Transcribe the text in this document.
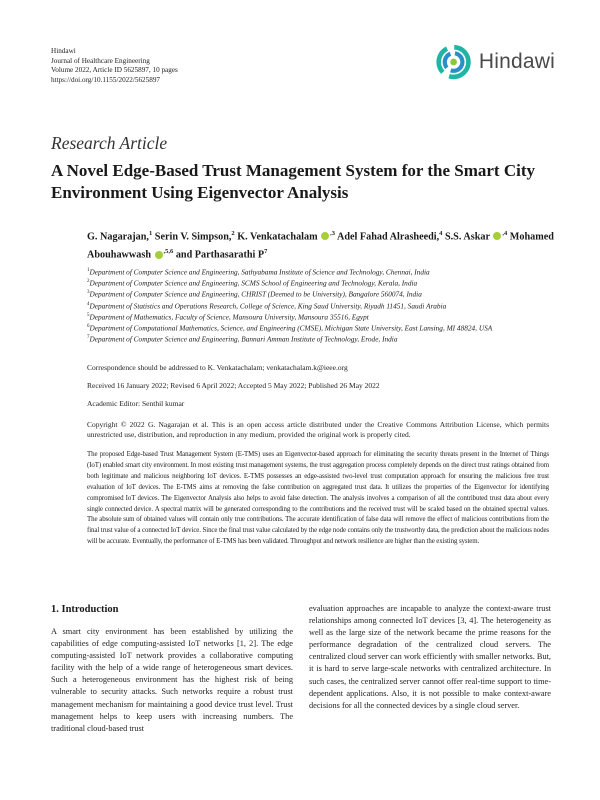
Hindawi
Journal of Healthcare Engineering
Volume 2022, Article ID 5625897, 10 pages
https://doi.org/10.1155/2022/5625897
Hindawi
Research Article
A Novel Edge-Based Trust Management System for the Smart City Environment Using Eigenvector Analysis
G. Nagarajan,$^1$ Serin V. Simpson,$^2$ K. Venkatachalam $^{,3}$ Adel Fahad Alrasheedi,$^4$ S.S. Askar $^{,4}$ Mohamed Abouhawwash $^{,5,6}$ and Parthasarathi $P^7$
$^1$Department of Computer Science and Engineering, Sathyabama Institute of Science and Technology, Chennai, India
$^2$Department of Computer Science and Engineering, SCMS School of Engineering and Technology, Kerala, India
$^3$Department of Computer Science and Engineering, CHRIST (Deemed to be University), Bangalore 560074, India
$^4$Department of Statistics and Operations Research, College of Science, King Saud University, Riyadh 11451, Saudi Arabia
$^5$Department of Mathematics, Faculty of Science, Mansoura University, Mansoura 35516, Egypt
$^6$Department of Computational Mathematics, Science, and Engineering (CMSE), Michigan State University, East Lansing, MI 48824, USA
$^7$Department of Computer Science and Engineering, Bannari Amman Institute of Technology, Erode, India
Correspondence should be addressed to K. Venkatachalam; venkatachalam.k@ieee.org
Received 16 January 2022; Revised 6 April 2022; Accepted 5 May 2022; Published 26 May 2022
Academic Editor: Senthil kumar
Copyright © 2022 G. Nagarajan et al. This is an open access article distributed under the Creative Commons Attribution License, which permits unrestricted use, distribution, and reproduction in any medium, provided the original work is properly cited.
The proposed Edge-based Trust Management System (E-TMS) uses an Eigenvector-based approach for eliminating the security threats present in the Internet of Things (IoT) enabled smart city environment. In most existing trust management systems, the trust aggregation process completely depends on the direct trust ratings obtained from both legitimate and malicious neighboring IoT devices. E-TMS possesses an edge-assisted two-level trust computation approach for ensuring the malicious free trust evaluation of IoT devices. The E-TMS aims at removing the false contribution on aggregated trust data. It utilizes the properties of the Eigenvector for identifying compromised IoT devices. The Eigenvector Analysis also helps to avoid false detection. The analysis involves a comparison of all the contributed trust data about every single connected device. A spectral matrix will be generated corresponding to the contributions and the received trust will be scaled based on the obtained spectral values. The absolute sum of obtained values will contain only true contributions. The accurate identification of false data will remove the effect of malicious contributions from the final trust value of a connected IoT device. Since the final trust value calculated by the edge node contains only the trustworthy data, the prediction about the malicious nodes will be accurate. Eventually, the performance of E-TMS has been validated. Throughput and network resilience are higher than the existing system.
1. Introduction
A smart city environment has been established by utilizing the capabilities of edge computing-assisted IoT networks [1, 2]. The edge computing-assisted IoT network provides a collaborative computing facility with the help of a wide range of heterogeneous smart devices. Such a heterogeneous environment has the highest risk of being vulnerable to security attacks. Such networks require a robust trust management mechanism for maintaining a good device trust level. Trust management helps to keep users with increasing numbers. The traditional cloud-based trust
evaluation approaches are incapable to analyze the context-aware trust relationships among connected IoT devices [3, 4]. The heterogeneity as well as the large size of the network became the prime reasons for the performance degradation of the centralized cloud servers. The centralized cloud server can work efficiently with smaller networks. But, it is hard to serve large-scale networks with centralized architecture. In such cases, the centralized server cannot offer real-time support to time-dependent applications. Also, it is not possible to make context-aware decisions for all the connected devices by a single cloud server.
